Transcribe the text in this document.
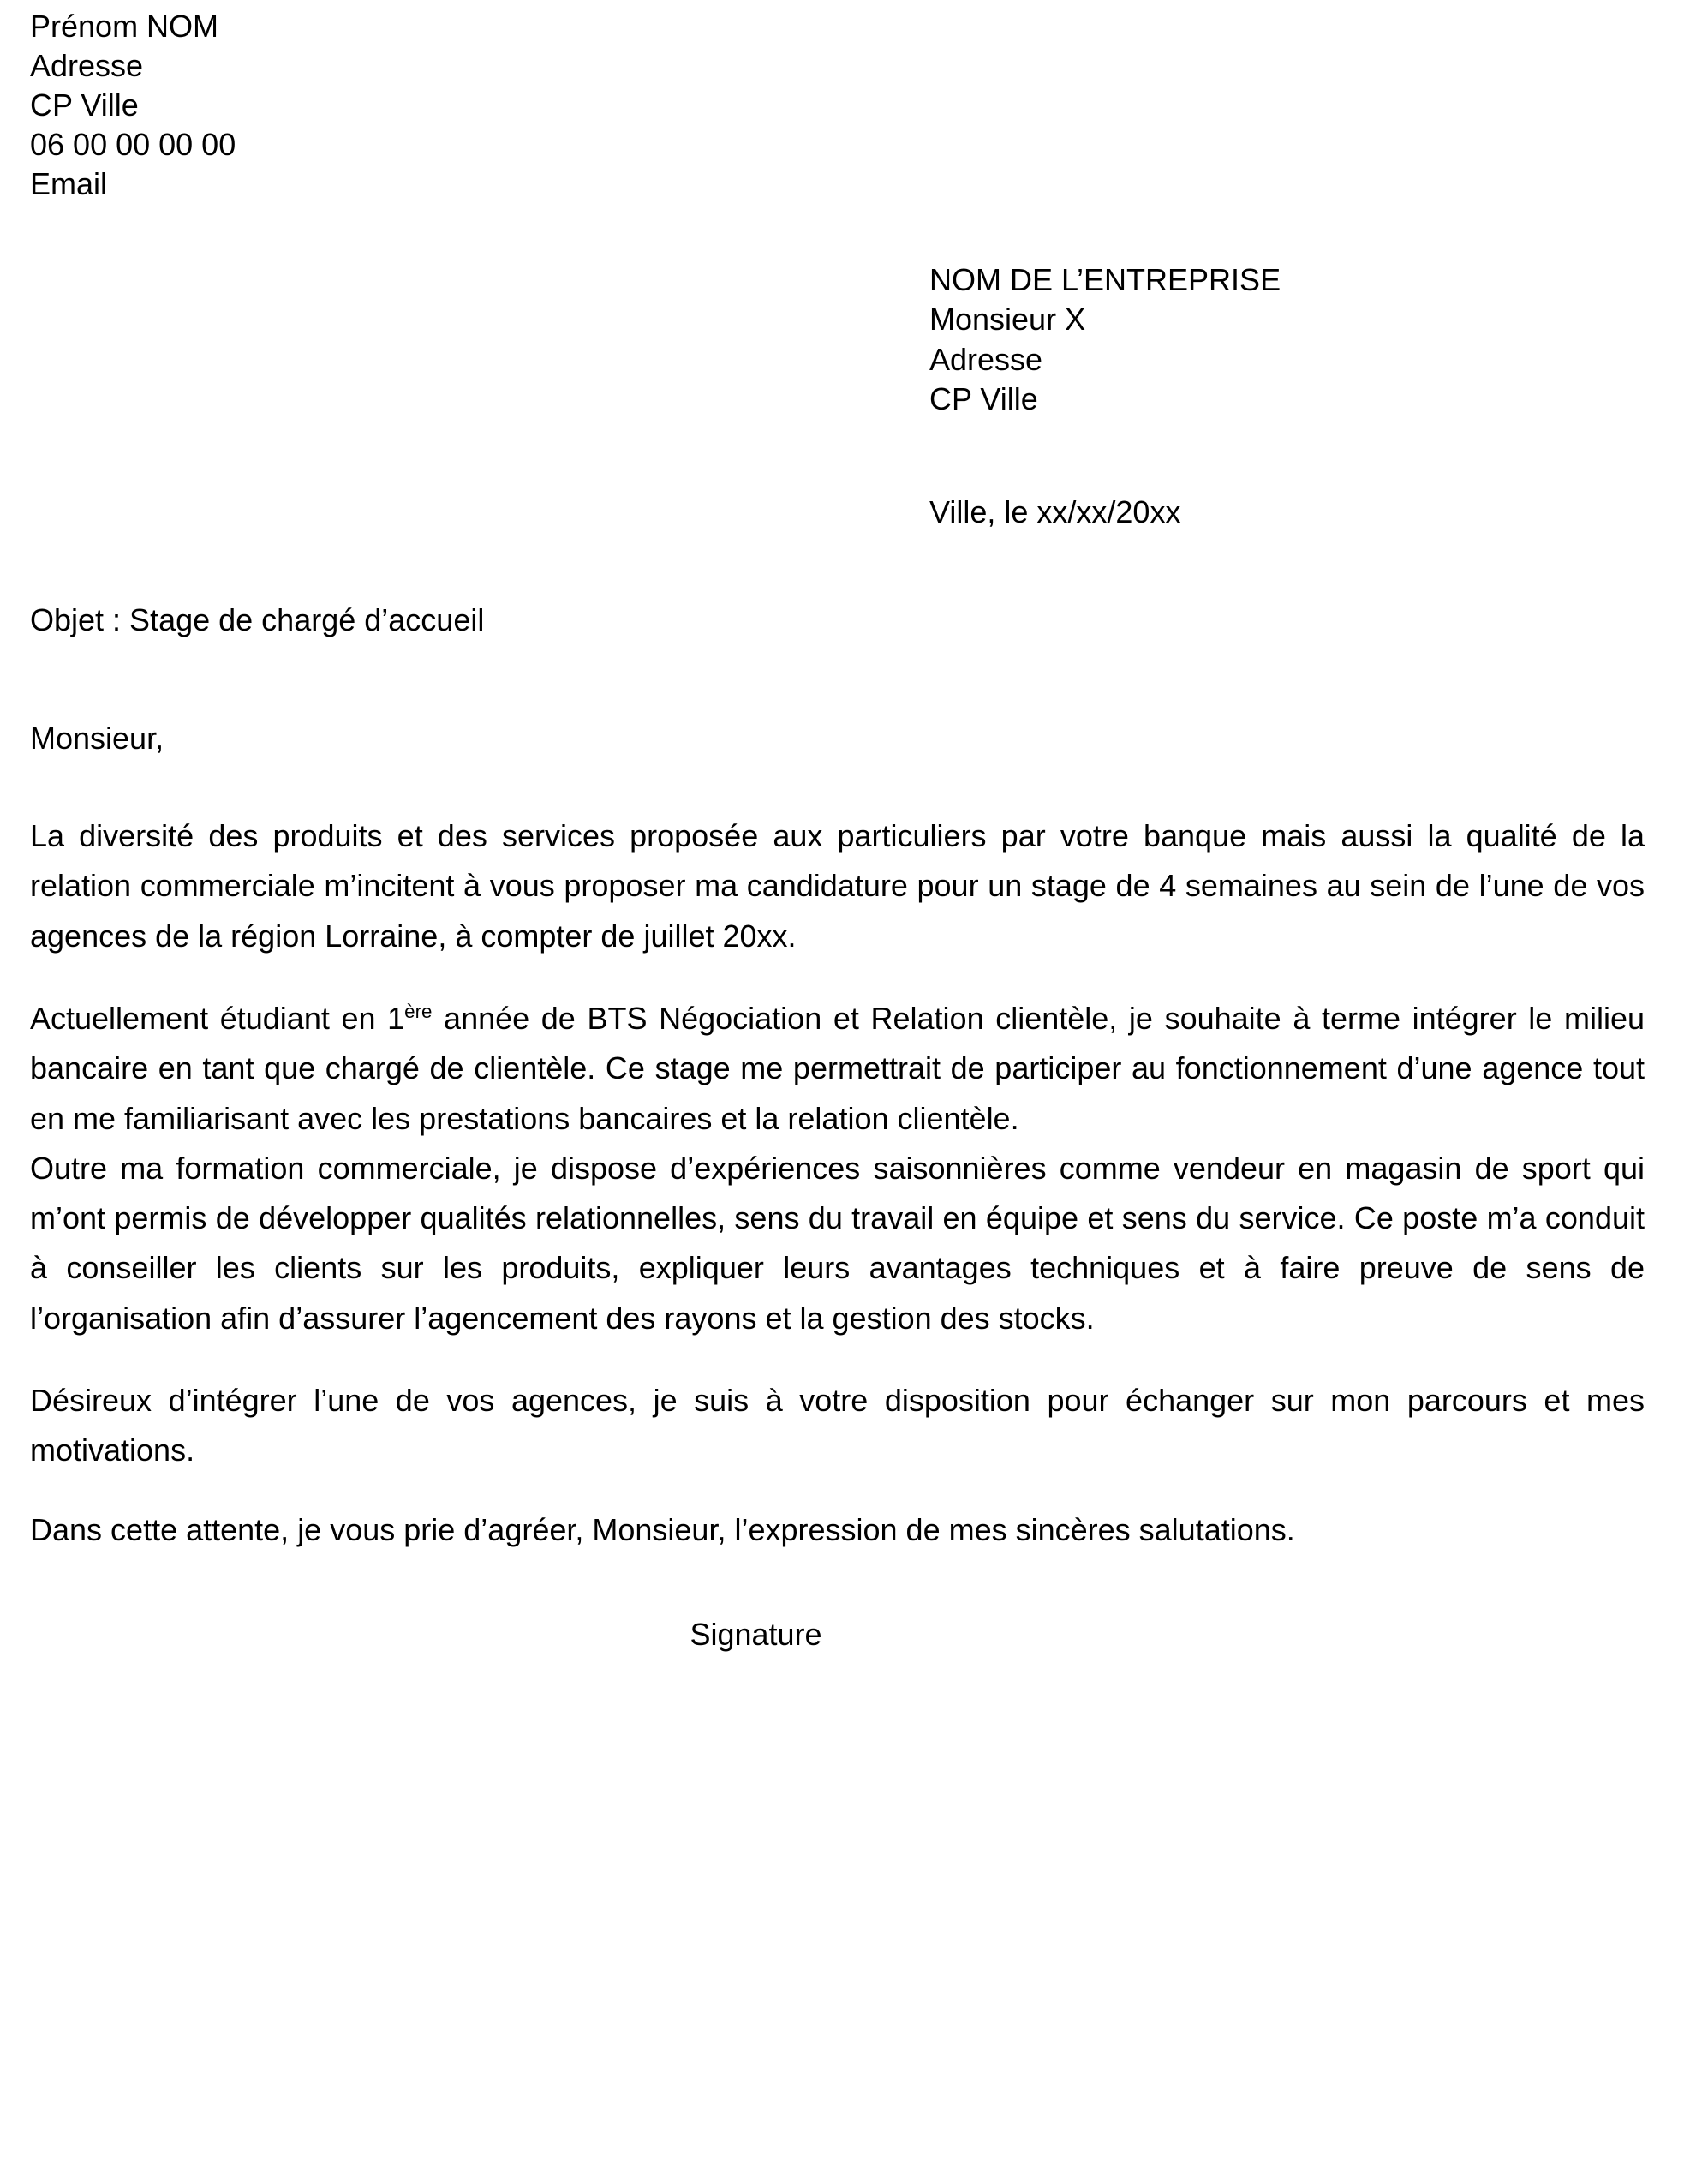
Prénom NOM
Adresse
CP Ville
06 00 00 00 00
Email
NOM DE L’ENTREPRISE
Monsieur X
Adresse
CP Ville
Ville, le xx/xx/20xx
Objet : Stage de chargé d’accueil
Monsieur,

La diversité des produits et des services proposée aux particuliers par votre banque mais aussi la qualité de la relation commerciale m’incitent à vous proposer ma candidature pour un stage de 4 semaines au sein de l’une de vos agences de la région Lorraine, à compter de juillet 20xx.

Actuellement étudiant en 1ère année de BTS Négociation et Relation clientèle, je souhaite à terme intégrer le milieu bancaire en tant que chargé de clientèle. Ce stage me permettrait de participer au fonctionnement d’une agence tout en me familiarisant avec les prestations bancaires et la relation clientèle.

Outre ma formation commerciale, je dispose d’expériences saisonnières comme vendeur en magasin de sport qui m’ont permis de développer qualités relationnelles, sens du travail en équipe et sens du service. Ce poste m’a conduit à conseiller les clients sur les produits, expliquer leurs avantages techniques et à faire preuve de sens de l’organisation afin d’assurer l’agencement des rayons et la gestion des stocks.

Désireux d’intégrer l’une de vos agences, je suis à votre disposition pour échanger sur mon parcours et mes motivations.

Dans cette attente, je vous prie d’agréer, Monsieur, l’expression de mes sincères salutations.
Signature
